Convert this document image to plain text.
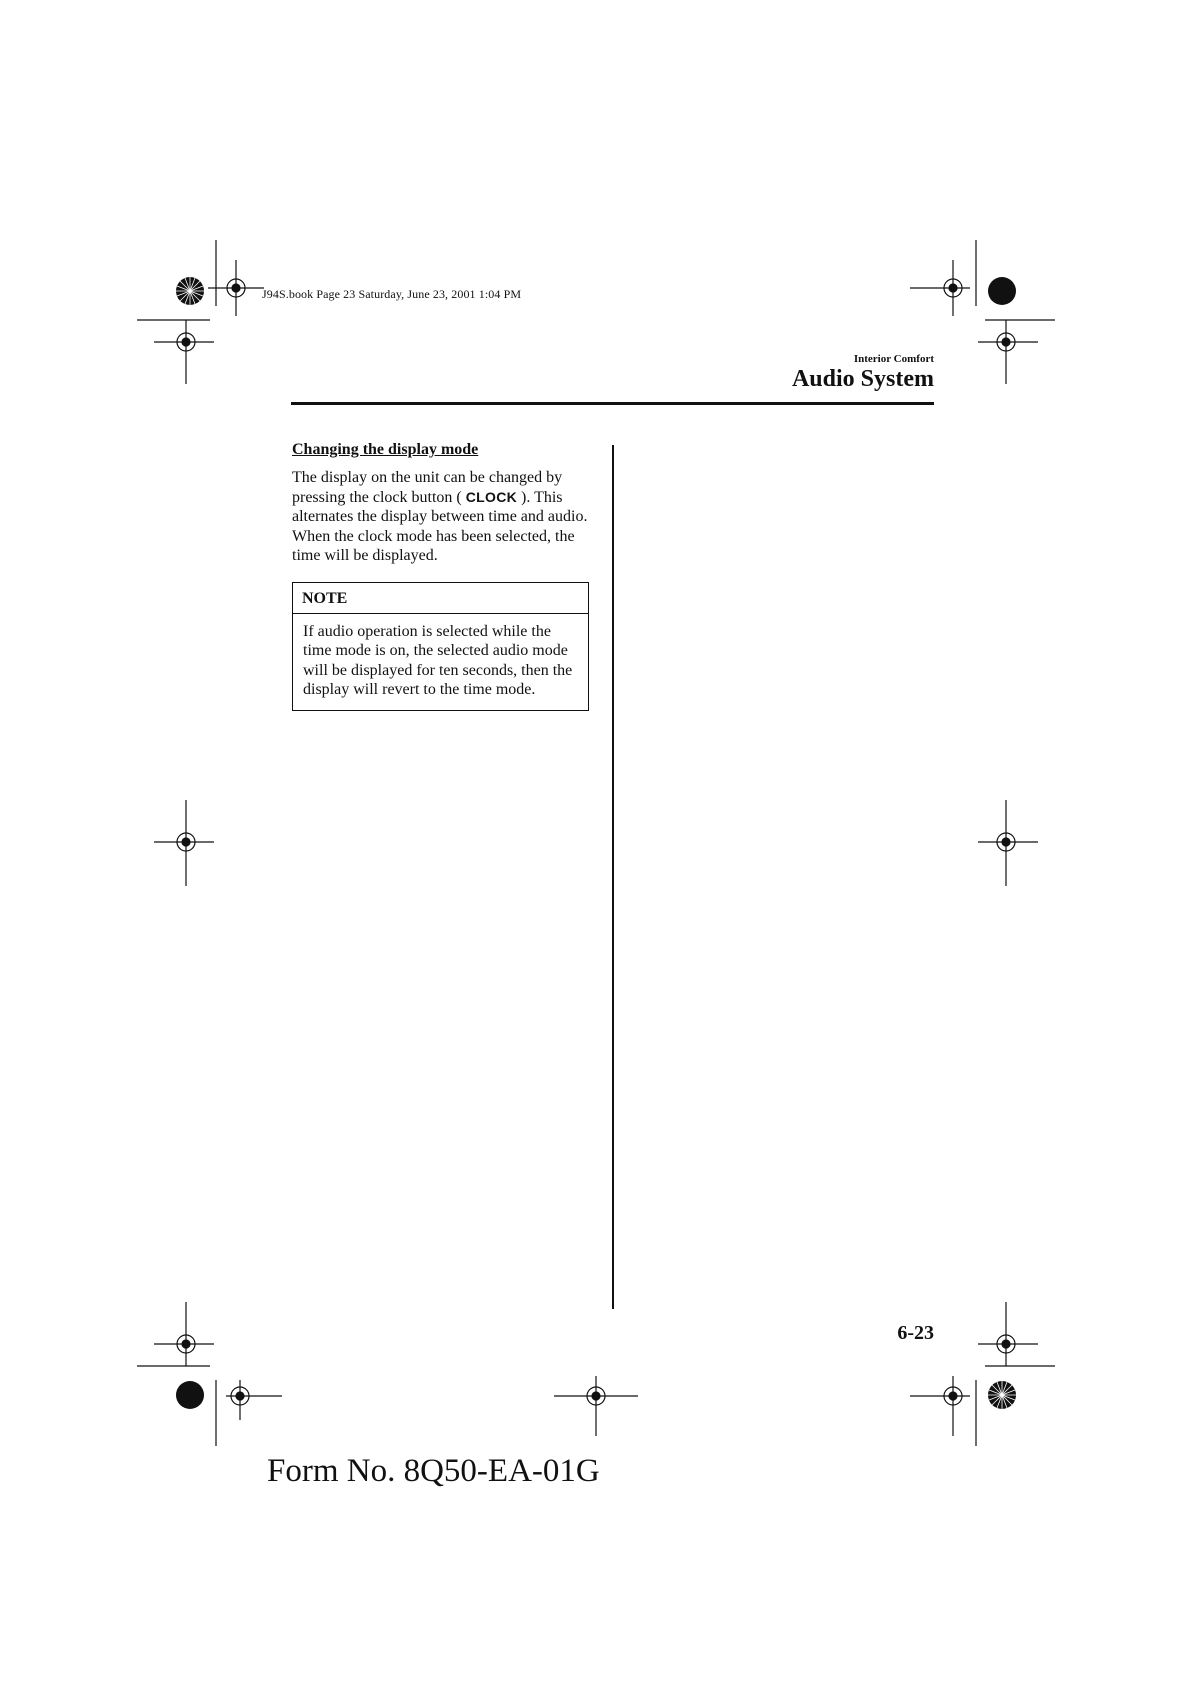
J94S.book Page 23 Saturday, June 23, 2001 1:04 PM
Interior Comfort
Audio System
Changing the display mode

The display on the unit can be changed by pressing the clock button ( CLOCK ). This alternates the display between time and audio. When the clock mode has been selected, the time will be displayed.

NOTE
If audio operation is selected while the time mode is on, the selected audio mode will be displayed for ten seconds, then the display will revert to the time mode.
6-23
Form No. 8Q50-EA-01G
